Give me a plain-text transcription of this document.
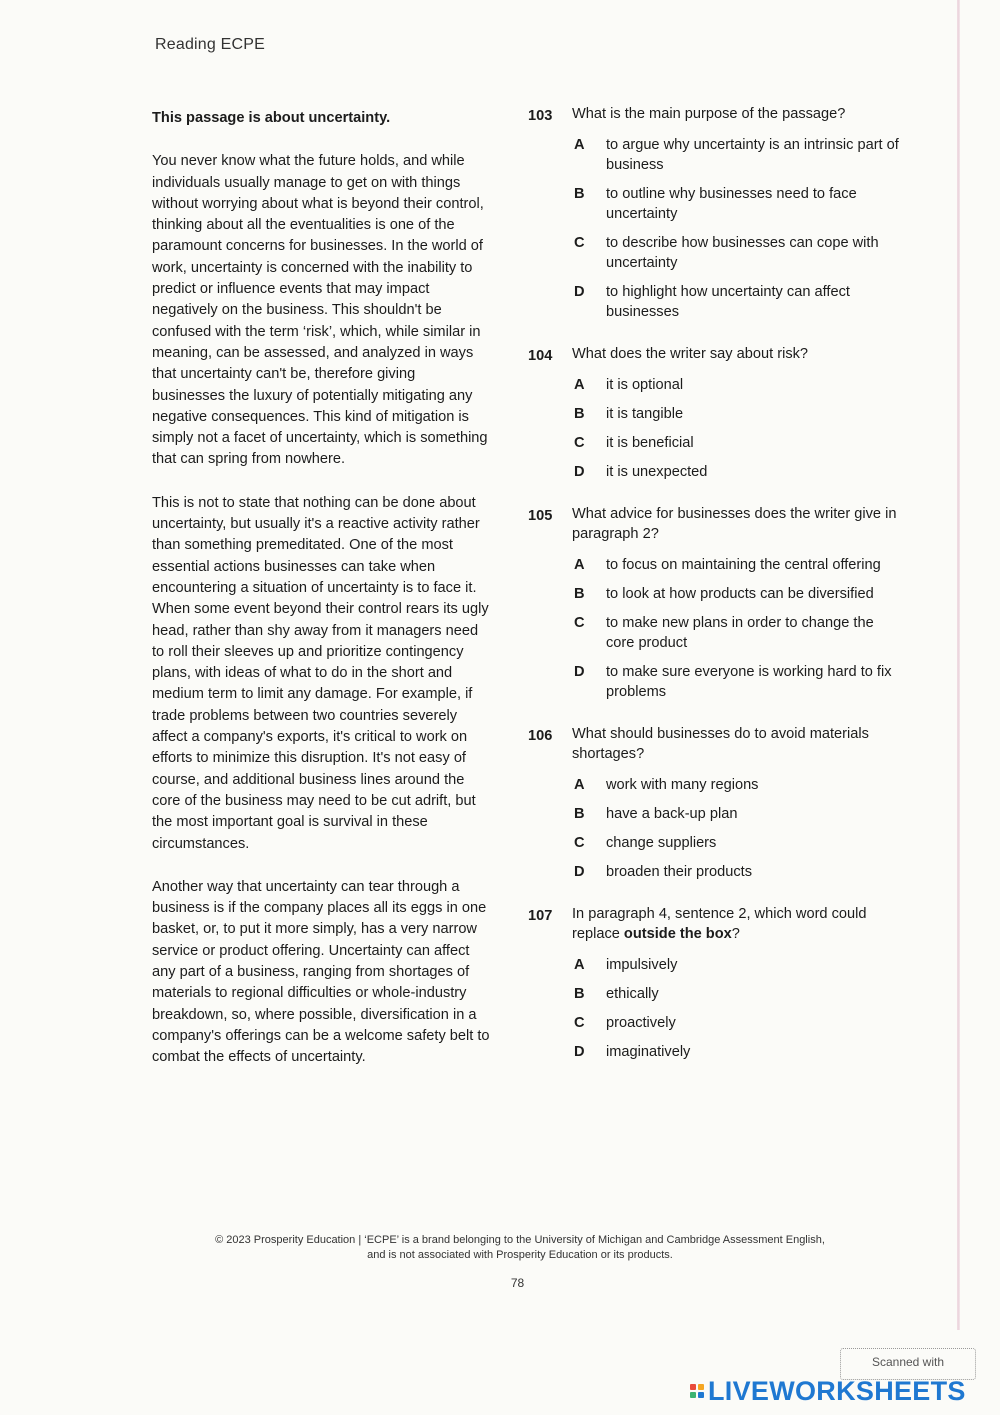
Reading ECPE
This passage is about uncertainty.

You never know what the future holds, and while individuals usually manage to get on with things without worrying about what is beyond their control, thinking about all the eventualities is one of the paramount concerns for businesses. In the world of work, uncertainty is concerned with the inability to predict or influence events that may impact negatively on the business. This shouldn't be confused with the term ‘risk’, which, while similar in meaning, can be assessed, and analyzed in ways that uncertainty can't be, therefore giving businesses the luxury of potentially mitigating any negative consequences. This kind of mitigation is simply not a facet of uncertainty, which is something that can spring from nowhere.

This is not to state that nothing can be done about uncertainty, but usually it's a reactive activity rather than something premeditated. One of the most essential actions businesses can take when encountering a situation of uncertainty is to face it. When some event beyond their control rears its ugly head, rather than shy away from it managers need to roll their sleeves up and prioritize contingency plans, with ideas of what to do in the short and medium term to limit any damage. For example, if trade problems between two countries severely affect a company's exports, it's critical to work on efforts to minimize this disruption. It's not easy of course, and additional business lines around the core of the business may need to be cut adrift, but the most important goal is survival in these circumstances.

Another way that uncertainty can tear through a business is if the company places all its eggs in one basket, or, to put it more simply, has a very narrow service or product offering. Uncertainty can affect any part of a business, ranging from shortages of materials to regional difficulties or whole-industry breakdown, so, where possible, diversification in a company's offerings can be a welcome safety belt to combat the effects of uncertainty.

103 What is the main purpose of the passage?
A to argue why uncertainty is an intrinsic part of business
B to outline why businesses need to face uncertainty
C to describe how businesses can cope with uncertainty
D to highlight how uncertainty can affect businesses
104 What does the writer say about risk?
A it is optional
B it is tangible
C it is beneficial
D it is unexpected
105 What advice for businesses does the writer give in paragraph 2?
A to focus on maintaining the central offering
B to look at how products can be diversified
C to make new plans in order to change the core product
D to make sure everyone is working hard to fix problems
106 What should businesses do to avoid materials shortages?
A work with many regions
B have a back-up plan
C change suppliers
D broaden their products
107 In paragraph 4, sentence 2, which word could replace outside the box?
A impulsively
B ethically
C proactively
D imaginatively
© 2023 Prosperity Education | ‘ECPE’ is a brand belonging to the University of Michigan and Cambridge Assessment English,
and is not associated with Prosperity Education or its products.
78
Scanned with
LIVEWORKSHEETS
